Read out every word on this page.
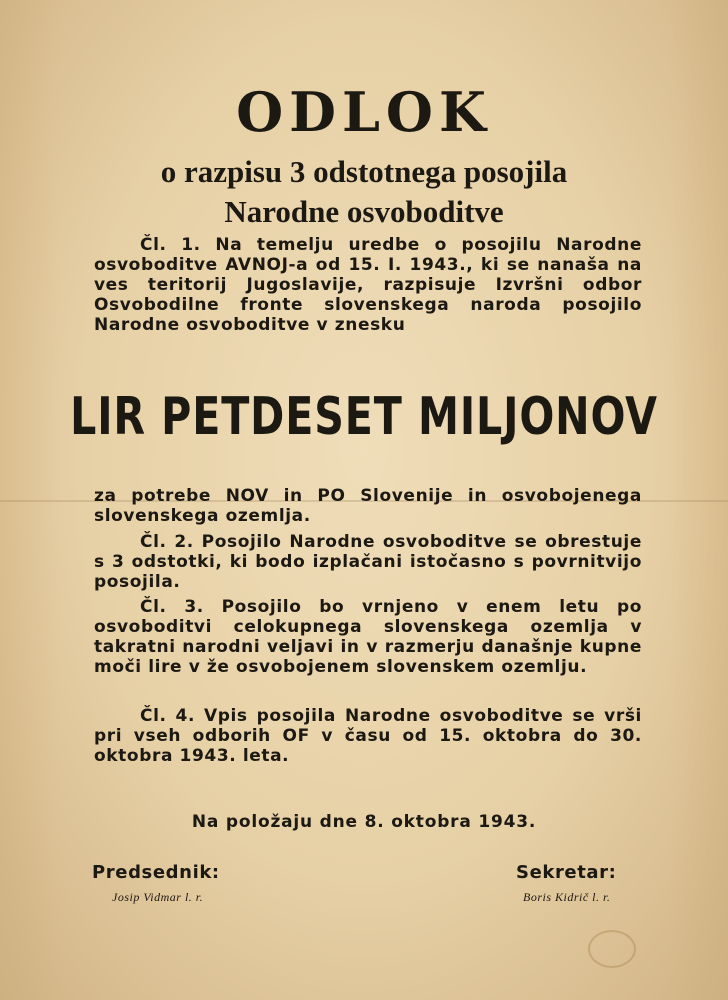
ODLOK
o razpisu 3 odstotnega posojila
Narodne osvoboditve

Čl. 1. Na temelju uredbe o posojilu Narodne osvoboditve AVNOJ-a od 15. I. 1943., ki se nanaša na ves teritorij Jugoslavije, razpisuje Izvršni odbor Osvobodilne fronte slovenskega naroda posojilo Narodne osvoboditve v znesku

LIR PETDESET MILJONOV

za potrebe NOV in PO Slovenije in osvobojenega slovenskega ozemlja.

Čl. 2. Posojilo Narodne osvoboditve se obrestuje s 3 odstotki, ki bodo izplačani istočasno s povrnitvijo posojila.

Čl. 3. Posojilo bo vrnjeno v enem letu po osvoboditvi celokupnega slovenskega ozemlja v takratni narodni veljavi in v razmerju današnje kupne moči lire v že osvobojenem slovenskem ozemlju.

Čl. 4. Vpis posojila Narodne osvoboditve se vrši pri vseh odborih OF v času od 15. oktobra do 30. oktobra 1943. leta.

Na položaju dne 8. oktobra 1943.
Predsednik:
Josip Vidmar l. r.
Sekretar:
Boris Kidrič l. r.
